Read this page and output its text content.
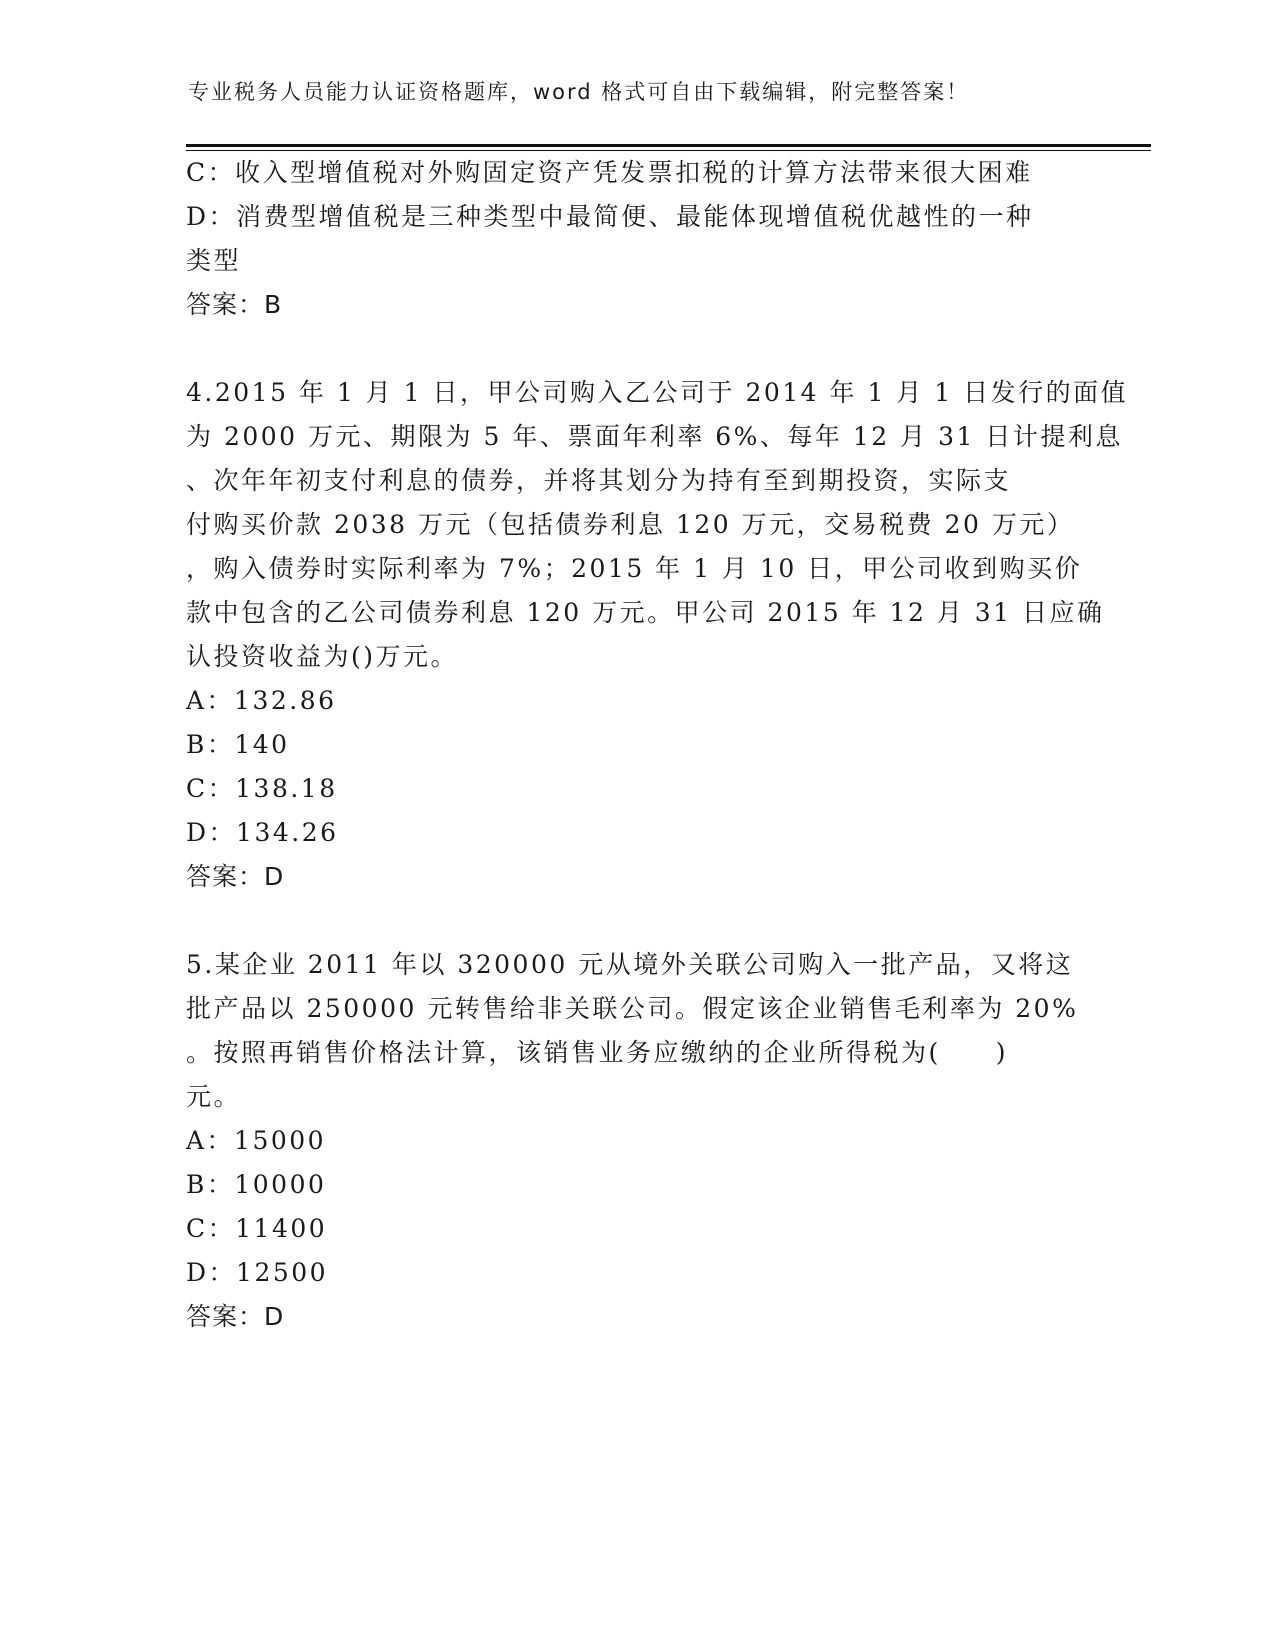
专业税务人员能力认证资格题库，word 格式可自由下载编辑，附完整答案！
C：收入型增值税对外购固定资产凭发票扣税的计算方法带来很大困难
D：消费型增值税是三种类型中最简便、最能体现增值税优越性的一种
类型
答案：B
4.2015 年 1 月 1 日，甲公司购入乙公司于 2014 年 1 月 1 日发行的面值
为 2000 万元、期限为 5 年、票面年利率 6%、每年 12 月 31 日计提利息
、次年年初支付利息的债券，并将其划分为持有至到期投资，实际支
付购买价款 2038 万元（包括债券利息 120 万元，交易税费 20 万元）
，购入债券时实际利率为 7%；2015 年 1 月 10 日，甲公司收到购买价
款中包含的乙公司债券利息 120 万元。甲公司 2015 年 12 月 31 日应确
认投资收益为()万元。
A：132.86
B：140
C：138.18
D：134.26
答案：D
5.某企业 2011 年以 320000 元从境外关联公司购入一批产品，又将这
批产品以 250000 元转售给非关联公司。假定该企业销售毛利率为 20%
。按照再销售价格法计算，该销售业务应缴纳的企业所得税为(　　)
元。
A：15000
B：10000
C：11400
D：12500
答案：D
